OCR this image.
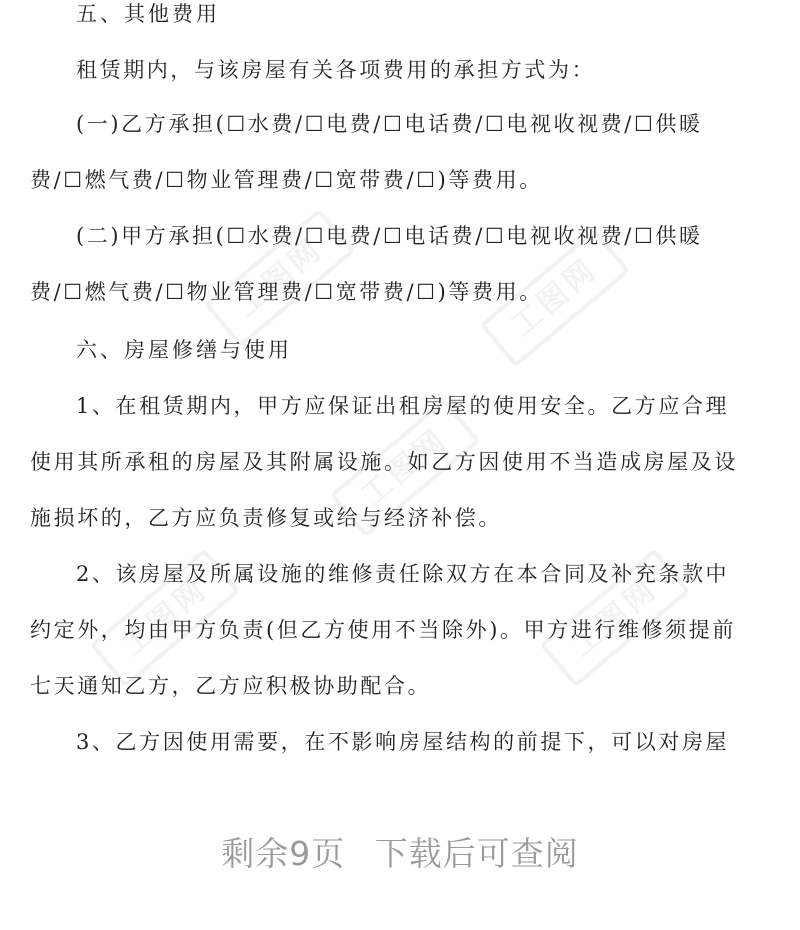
五、其他费用
租赁期内，与该房屋有关各项费用的承担方式为：
(一)乙方承担(☐水费/☐电费/☐电话费/☐电视收视费/☐供暖
费/☐燃气费/☐物业管理费/☐宽带费/☐)等费用。
(二)甲方承担(☐水费/☐电费/☐电话费/☐电视收视费/☐供暖
费/☐燃气费/☐物业管理费/☐宽带费/☐)等费用。
六、房屋修缮与使用
1、在租赁期内，甲方应保证出租房屋的使用安全。乙方应合理
使用其所承租的房屋及其附属设施。如乙方因使用不当造成房屋及设
施损坏的，乙方应负责修复或给与经济补偿。
2、该房屋及所属设施的维修责任除双方在本合同及补充条款中
约定外，均由甲方负责(但乙方使用不当除外)。甲方进行维修须提前
七天通知乙方，乙方应积极协助配合。
3、乙方因使用需要，在不影响房屋结构的前提下，可以对房屋
工图网	工图网
工图网
工图网	工图网
剩余9页 下载后可查阅
